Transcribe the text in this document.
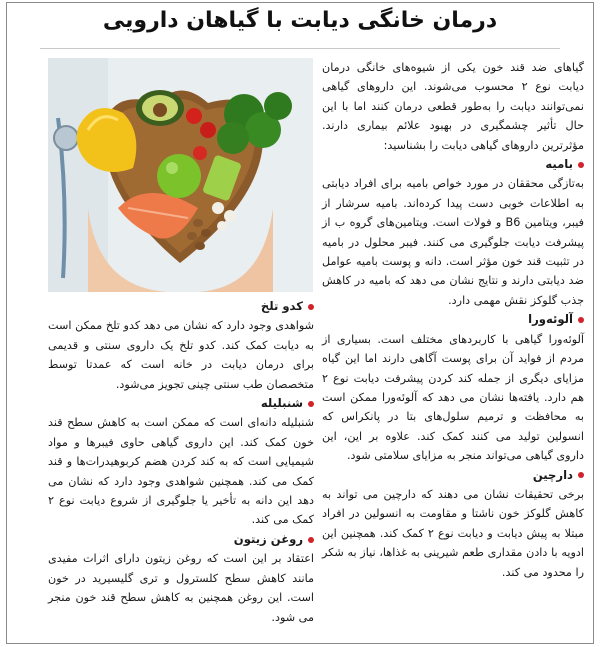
درمان خانگی دیابت با گیاهان دارویی

گیاهای ضد قند خون یکی از شیوه‌های خانگی درمان دیابت نوع ۲ محسوب می‌شوند. این داروهای گیاهی نمی‌توانند دیابت را به‌طور قطعی درمان کنند اما با این حال تأثیر چشمگیری در بهبود علائم بیماری دارند. مؤثرترین داروهای گیاهی دیابت را بشناسید:

بامیه

به‌تازگی محققان در مورد خواص بامیه برای افراد دیابتی به اطلاعات خوبی دست پیدا کرده‌اند. بامیه سرشار از فیبر، ویتامین B6 و فولات است. ویتامین‌های گروه ب از پیشرفت دیابت جلوگیری می کنند. فیبر محلول در بامیه در تثبیت قند خون مؤثر است. دانه و پوست بامیه عوامل ضد دیابتی دارند و نتایج نشان می دهد که بامیه در کاهش جذب گلوکز نقش مهمی دارد.

آلوئه‌ورا

آلوئه‌ورا گیاهی با کاربردهای مختلف است. بسیاری از مردم از فواید آن برای پوست آگاهی دارند اما این گیاه مزایای دیگری از جمله کند کردن پیشرفت دیابت نوع ۲ هم دارد. یافته‌ها نشان می دهد که آلوئه‌ورا ممکن است به محافظت و ترمیم سلول‌های بتا در پانکراس که انسولین تولید می کنند کمک کند. علاوه بر این، این داروی گیاهی می‌تواند منجر به مزایای سلامتی شود.

دارچین

برخی تحقیقات نشان می دهند که دارچین می تواند به کاهش گلوکز خون ناشتا و مقاومت به انسولین در افراد مبتلا به پیش دیابت و دیابت نوع ۲ کمک کند. همچنین این ادویه با دادن مقداری طعم شیرینی به غذاها، نیاز به شکر را محدود می کند.

کدو تلخ

شواهدی وجود دارد که نشان می دهد کدو تلخ ممکن است به دیابت کمک کند. کدو تلخ یک داروی سنتی و قدیمی برای درمان دیابت در خانه است که عمدتا توسط متخصصان طب سنتی چینی تجویز می‌شود.

شنبلیله

شنبلیله دانه‌ای است که ممکن است به کاهش سطح قند خون کمک کند. این داروی گیاهی حاوی فیبرها و مواد شیمیایی است که به کند کردن هضم کربوهیدرات‌ها و قند کمک می کند. همچنین شواهدی وجود دارد که نشان می دهد این دانه به تأخیر یا جلوگیری از شروع دیابت نوع ۲ کمک می کند.

روغن زیتون

اعتقاد بر این است که روغن زیتون دارای اثرات مفیدی مانند کاهش سطح کلسترول و تری گلیسیرید در خون است. این روغن همچنین به کاهش سطح قند خون منجر می شود.
